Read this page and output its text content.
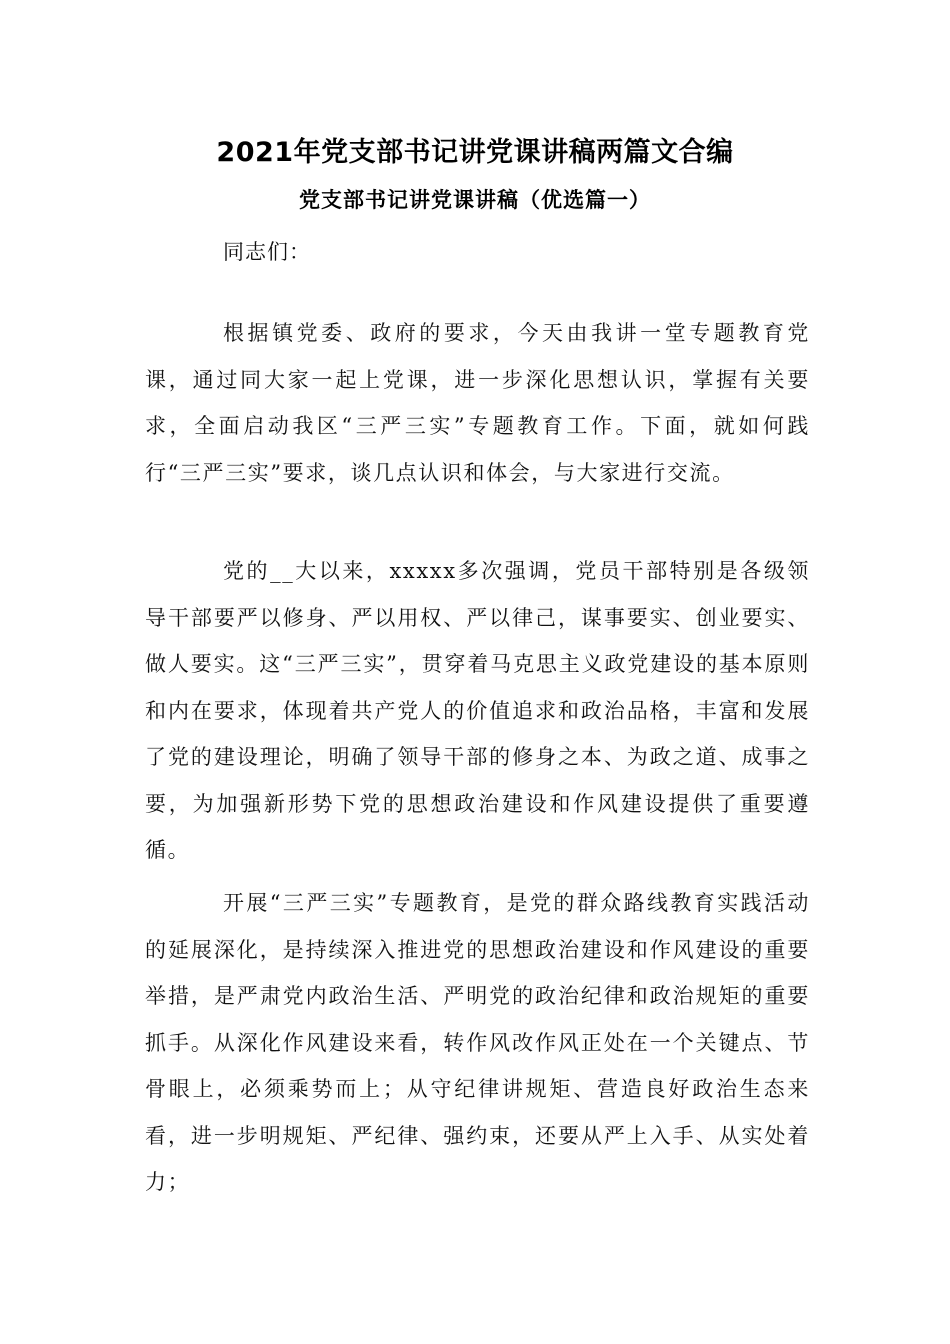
2021年党支部书记讲党课讲稿两篇文合编
党支部书记讲党课讲稿（优选篇一）
同志们：

根据镇党委、政府的要求，今天由我讲一堂专题教育党课，通过同大家一起上党课，进一步深化思想认识，掌握有关要求，全面启动我区“三严三实”专题教育工作。下面，就如何践行“三严三实”要求，谈几点认识和体会，与大家进行交流。

党的__大以来，xxxxx多次强调，党员干部特别是各级领导干部要严以修身、严以用权、严以律己，谋事要实、创业要实、做人要实。这“三严三实”，贯穿着马克思主义政党建设的基本原则和内在要求，体现着共产党人的价值追求和政治品格，丰富和发展了党的建设理论，明确了领导干部的修身之本、为政之道、成事之要，为加强新形势下党的思想政治建设和作风建设提供了重要遵循。

开展“三严三实”专题教育，是党的群众路线教育实践活动的延展深化，是持续深入推进党的思想政治建设和作风建设的重要举措，是严肃党内政治生活、严明党的政治纪律和政治规矩的重要抓手。从深化作风建设来看，转作风改作风正处在一个关键点、节骨眼上，必须乘势而上；从守纪律讲规矩、营造良好政治生态来看，进一步明规矩、严纪律、强约束，还要从严上入手、从实处着力；
